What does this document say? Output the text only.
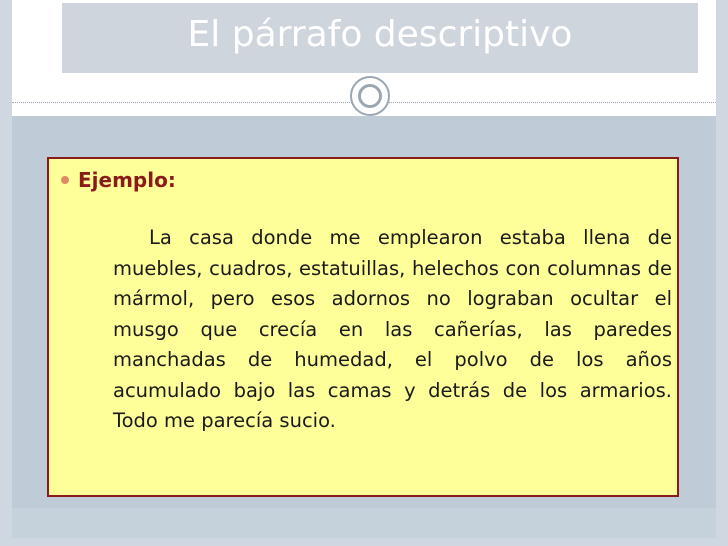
El párrafo descriptivo
Ejemplo:
La casa donde me emplearon estaba llena de muebles, cuadros, estatuillas, helechos con columnas de mármol, pero esos adornos no lograban ocultar el musgo que crecía en las cañerías, las paredes manchadas de humedad, el polvo de los años acumulado bajo las camas y detrás de los armarios. Todo me parecía sucio.
